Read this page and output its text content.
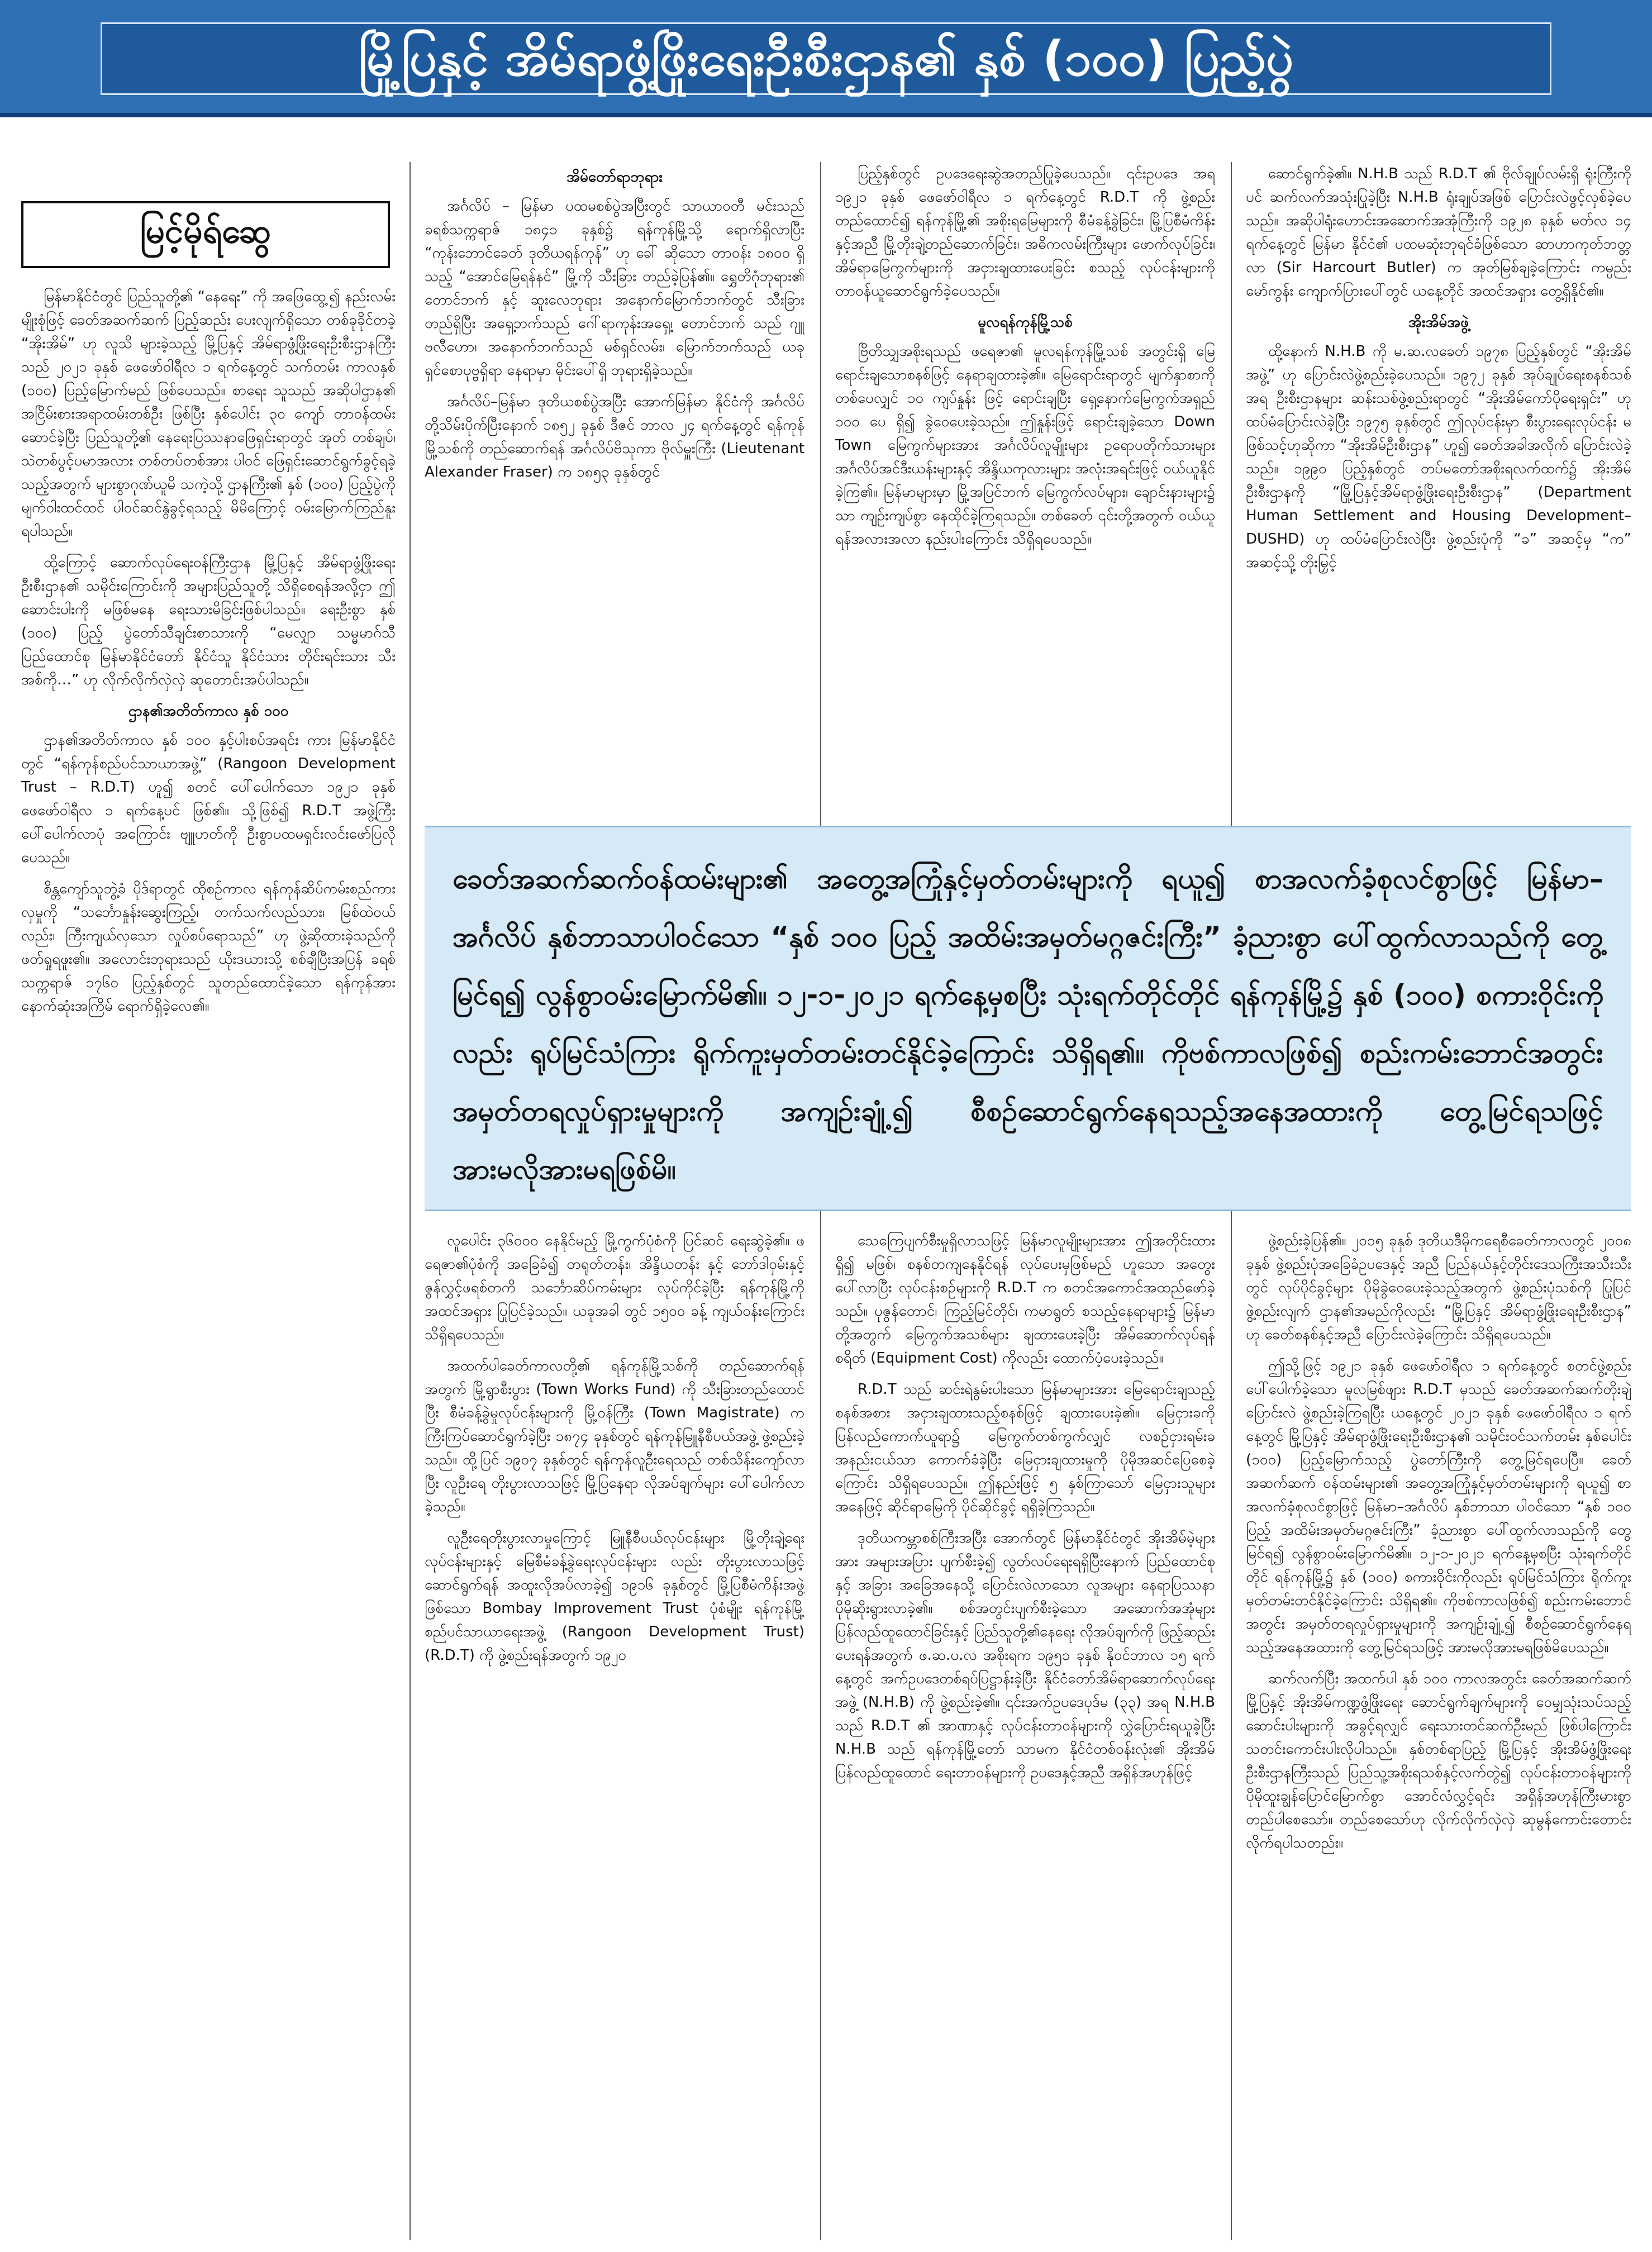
မြို့ပြနှင့် အိမ်ရာဖွံ့ဖြိုးရေးဦးစီးဌာန၏ နှစ် (၁၀၀) ပြည့်ပွဲ
မြင့်မိုရ်ဆွေ

မြန်မာနိုင်ငံတွင် ပြည်သူတို့၏ “နေရေး” ကို အဖြေထွေ့၍ နည်းလမ်းမျိုးစုံဖြင့် ခေတ်အဆက်ဆက် ပြည့်ဆည်း ပေးလျက်ရှိသော တစ်ခုခိုင်တခဲ့ “အိုးအိမ်” ဟု လူသိ များခဲ့သည့် မြို့ပြနှင့် အိမ်ရာဖွံ့ဖြိုးရေးဦးစီးဌာနကြီးသည် ၂၀၂၁ ခုနှစ် ဖေဖော်ဝါရီလ ၁ ရက်နေ့တွင် သက်တမ်း ကာလနှစ် (၁၀၀) ပြည့်မြောက်မည် ဖြစ်ပေသည်။ စာရေး သူသည် အဆိုပါဌာန၏ အငြိမ်းစားအရာထမ်းတစ်ဦး ဖြစ်ပြီး နှစ်ပေါင်း ၃၀ ကျော် တာဝန်ထမ်းဆောင်ခဲ့ပြီး ပြည်သူတို့၏ နေရေးပြဿနာဖြေရှင်းရာတွင် အုတ် တစ်ချပ်၊ သဲတစ်ပွင့်ပမာအလား တစ်တပ်တစ်အား ပါဝင် ဖြေရှင်းဆောင်ရွက်ခွင့်ရခဲ့သည့်အတွက် များစွာဂုဏ်ယူမိ သကဲ့သို့ ဌာနကြီး၏ နှစ် (၁၀၀) ပြည့်ပွဲကို မျက်ဝါးထင်ထင် ပါဝင်ဆင်နွဲခွင့်ရသည့် မိမိကြောင့် ဝမ်းမြောက်ကြည်နူး ရပါသည်။

ထို့ကြောင့် ဆောက်လုပ်ရေးဝန်ကြီးဌာန မြို့ပြနှင့် အိမ်ရာဖွံ့ဖြိုးရေးဦးစီးဌာန၏ သမိုင်းကြောင်းကို အများပြည်သူတို့ သိရှိစေရန်အလို့ငှာ ဤဆောင်းပါးကို မဖြစ်မနေ ရေးသားမိခြင်းဖြစ်ပါသည်။ ရေးဦးစွာ နှစ် (၁၀၀) ပြည့် ပွဲတော်သီချင်းစာသားကို “မေလျှာ သမ္မမာဂ်သီ ပြည်ထောင်စု မြန်မာနိုင်ငံတော် နိုင်ငံသူ နိုင်ငံသား တိုင်းရင်းသား သီးအစ်ကို…” ဟု လိုက်လိုက်လှဲလှဲ ဆုတောင်းအပ်ပါသည်။

ဌာန၏အတိတ်ကာလ နှစ် ၁၀၀

ဌာန၏အတိတ်ကာလ နှစ် ၁၀၀ နှင့်ပါးစပ်အရင်း ကား မြန်မာနိုင်ငံတွင် “ရန်ကုန်စည်ပင်သာယာအဖွဲ့” (Rangoon Development Trust – R.D.T) ဟူ၍ စတင် ပေါ်ပေါက်သော ၁၉၂၁ ခုနှစ် ဖေဖော်ဝါရီလ ၁ ရက်နေ့ပင် ဖြစ်၏။ သို့ဖြစ်၍ R.D.T အဖွဲ့ကြီးပေါ်ပေါက်လာပုံ အကြောင်း ဗျူဟတ်ကို ဦးစွာပထမရှင်းလင်းဖော်ပြလို ပေသည်။

စိန္တကျော်သူဘွဲ့ခံ ပိုဒ်ရာတွင် ထိုစဉ်ကာလ ရန်ကုန်ဆိပ်ကမ်းစည်ကားလှမှုကို “သင်္ဘောနှုန်းဆွေးကြည့်၊ တက်သက်လည်သား၊ မြစ်ထဲဝယ်လည်း၊ ကြီးကျယ်လှသော လှုပ်စပ်ရောသည်” ဟု ဖွဲ့ဆိုထားခဲ့သည်ကို ဖတ်ရှုရဖူး၏။ အလောင်းဘုရားသည် ယိုးဒယားသို့ စစ်ချီပြီးအပြန် ခရစ် သက္ကရာဇ် ၁၇၆၀ ပြည့်နှစ်တွင် သူတည်ထောင်ခဲ့သော ရန်ကုန်အား နောက်ဆုံးအကြိမ် ရောက်ရှိခဲ့လေ၏။

အိမ်တော်ရာဘုရား

အင်္ဂလိပ် – မြန်မာ ပထမစစ်ပွဲအပြီးတွင် သာယာဝတီ မင်းသည် ခရစ်သက္ကရာဇ် ၁၈၄၁ ခုနှစ်၌ ရန်ကုန်မြို့သို့ ရောက်ရှိလာပြီး “ကုန်းဘောင်ခေတ် ဒုတိယရန်ကုန်” ဟု ခေါ် ဆိုသော တာဝန်း ၁၈၀၀ ရှိသည့် “အောင်မြေရန်နင်” မြို့ကို သီးခြား တည်ခဲ့ပြန်၏။ ရွှေတိဂုံဘုရား၏ တောင်ဘက် နှင့် ဆူးလေဘုရား အနောက်မြောက်ဘက်တွင် သီးခြား တည်ရှိပြီး အရှေ့ဘက်သည် ဂေါ်ရာကုန်းအရှေ့၊ တောင်ဘက် သည် ဂျူဗလီဟော၊ အနောက်ဘက်သည် မစ်ရှင်လမ်း၊ မြောက်ဘက်သည် ယခုရှင်စောပုဗ္ဗရှိရာ နေရာမှာ မိုင်းပေါ်ရှိ ဘုရားရှိခဲ့သည်။

အင်္ဂလိပ်–မြန်မာ ဒုတိယစစ်ပွဲအပြီး အောက်မြန်မာ နိုင်ငံကို အင်္ဂလိပ်တို့သိမ်းပိုက်ပြီးနောက် ၁၈၅၂ ခုနှစ် ဒီဇင် ဘာလ ၂၄ ရက်နေ့တွင် ရန်ကုန်မြို့သစ်ကို တည်ဆောက်ရန် အင်္ဂလိပ်ဗိသုကာ ဗိုလ်မှူးကြီး (Lieutenant Alexander Fraser) က ၁၈၅၃ ခုနှစ်တွင်

ပြည့်နှစ်တွင် ဥပဒေရေးဆွဲအတည်ပြုခဲ့ပေသည်။ ၎င်းဥပဒေ အရ ၁၉၂၁ ခုနှစ် ဖေဖော်ဝါရီလ ၁ ရက်နေ့တွင် R.D.T ကို ဖွဲ့စည်းတည်ထောင်၍ ရန်ကုန်မြို့၏ အစိုးရမြေများကို စီမံခန့်ခွဲခြင်း၊ မြို့ပြစီမံကိန်းနှင့်အညီ မြို့တိုးချဲ့တည်ဆောက်ခြင်း၊ အဓိကလမ်းကြီးများ ဖောက်လုပ်ခြင်း၊ အိမ်ရာမြေကွက်များကို အငှားချထားပေးခြင်း စသည့် လုပ်ငန်းများကို တာဝန်ယူဆောင်ရွက်ခဲ့ပေသည်။

မူလရန်ကုန်မြို့သစ်

ဗြိတိသျှအစိုးရသည် ဖရေဇာ၏ မူလရန်ကုန်မြို့သစ် အတွင်းရှိ မြေရောင်းချသောစနစ်ဖြင့် နေရာချထားခဲ့၏။ မြေရောင်းရာတွင် မျက်နှာစာကို တစ်ပေလျှင် ၁၀ ကျပ်နှုန်း ဖြင့် ရောင်းချပြီး ရှေ့နောက်မြေကွက်အရှည် ၁၀၀ ပေ ရှိ၍ ခွဲဝေပေးခဲ့သည်။ ဤနှုန်းဖြင့် ရောင်းချခဲ့သော Down Town မြေကွက်များအား အင်္ဂလိပ်လူမျိုးများ ဥရောပတိုက်သားများ အင်္ဂလိပ်အင်ဒီးယန်းများနှင့် အိန္ဒိယကုလားများ အလုံးအရင်းဖြင့် ဝယ်ယူနိုင်ခဲ့ကြ၏။ မြန်မာများမှာ မြို့အပြင်ဘက် မြေကွက်လပ်များ၊ ချောင်းနားများ၌ သာ ကျဉ်းကျပ်စွာ နေထိုင်ခဲ့ကြရသည်။ တစ်ခေတ် ၎င်းတို့အတွက် ဝယ်ယူရန်အလားအလာ နည်းပါးကြောင်း သိရှိရပေသည်။

ဆောင်ရွက်ခဲ့၏။ N.H.B သည် R.D.T ၏ ဗိုလ်ချုပ်လမ်းရှိ ရုံးကြီးကိုပင် ဆက်လက်အသုံးပြုခဲ့ပြီး N.H.B ရုံးချုပ်အဖြစ် ပြောင်းလဲဖွင့်လှစ်ခဲ့ပေသည်။ အဆိုပါရုံးဟောင်းအဆောက်အအုံကြီးကို ၁၉၂၈ ခုနှစ် မတ်လ ၁၄ ရက်နေ့တွင် မြန်မာ နိုင်ငံ၏ ပထမဆုံးဘုရင်ခံဖြစ်သော ဆာဟာကုတ်ဘတ္တလာ (Sir Harcourt Butler) က အုတ်မြစ်ချခဲ့ကြောင်း ကမ္ပည်းမော်ကွန်း ကျောက်ပြားပေါ်တွင် ယနေ့တိုင် အထင်အရှား တွေ့ရှိနိုင်၏။

အိုးအိမ်အဖွဲ့

ထို့နောက် N.H.B ကို မ.ဆ.လခေတ် ၁၉၇၈ ပြည့်နှစ်တွင် “အိုးအိမ်အဖွဲ့” ဟု ပြောင်းလဲဖွဲ့စည်းခဲ့ပေသည်။ ၁၉၇၂ ခုနှစ် အုပ်ချုပ်ရေးစနစ်သစ်အရ ဦးစီးဌာနများ ဆန်းသစ်ဖွဲ့စည်းရာတွင် “အိုးအိမ်ကော်ပိုရေးရှင်း” ဟု ထပ်မံပြောင်းလဲခဲ့ပြီး ၁၉၇၅ ခုနှစ်တွင် ဤလုပ်ငန်းမှာ စီးပွားရေးလုပ်ငန်း မဖြစ်သင့်ဟုဆိုကာ “အိုးအိမ်ဦးစီးဌာန” ဟူ၍ ခေတ်အခါအလိုက် ပြောင်းလဲခဲ့သည်။ ၁၉၉၀ ပြည့်နှစ်တွင် တပ်မတော်အစိုးရလက်ထက်၌ အိုးအိမ်ဦးစီးဌာနကို “မြို့ပြနှင့်အိမ်ရာဖွံ့ဖြိုးရေးဦးစီးဌာန” (Department Human Settlement and Housing Development–DUSHD) ဟု ထပ်မံပြောင်းလဲပြီး ဖွဲ့စည်းပုံကို “ခ” အဆင့်မှ “က” အဆင့်သို့ တိုးမြှင့်

ခေတ်အဆက်ဆက်ဝန်ထမ်းများ၏ အတွေ့အကြုံနှင့်မှတ်တမ်းများကို ရယူ၍ စာအလက်ခံ့စုလင်စွာဖြင့် မြန်မာ–အင်္ဂလိပ် နှစ်ဘာသာပါဝင်သော “နှစ် ၁၀၀ ပြည့် အထိမ်းအမှတ်မဂ္ဂဇင်းကြီး” ခံ့ညားစွာ ပေါ်ထွက်လာသည်ကို တွေ့မြင်ရ၍ လွန်စွာဝမ်းမြောက်မိ၏။ ၁၂-၁-၂၀၂၁ ရက်နေ့မှစပြီး သုံးရက်တိုင်တိုင် ရန်ကုန်မြို့၌ နှစ် (၁၀၀) စကားဝိုင်းကိုလည်း ရုပ်မြင်သံကြား ရိုက်ကူးမှတ်တမ်းတင်နိုင်ခဲ့ကြောင်း သိရှိရ၏။ ကိုဗစ်ကာလဖြစ်၍ စည်းကမ်းဘောင်အတွင်း အမှတ်တရလှုပ်ရှားမှုများကို အကျဉ်းချုံ့၍ စီစဉ်ဆောင်ရွက်နေရသည့်အနေအထားကို တွေ့မြင်ရသဖြင့် အားမလိုအားမရဖြစ်မိ။

လူပေါင်း ၃၆၀၀၀ နေနိုင်မည့် မြို့ကွက်ပုံစံကို ပြင်ဆင် ရေးဆွဲခဲ့၏။ ဖရေဇာ၏ပုံစံကို အခြေခံ၍ တရုတ်တန်း၊ အိန္ဒိယတန်း နှင့် ဘော်ဒါဝှမ်းနှင့် ဇွန်လွှင့်ဖရစ်တကိ သင်္ဘောဆိပ်ကမ်းများ လုပ်ကိုင်ခဲ့ပြီး ရန်ကုန်မြို့ကို အထင်အရှား ပြုပြင်ခဲ့သည်။ ယခုအခါ တွင် ၁၅၀၀ ခန့် ကျယ်ဝန်းကြောင်း သိရှိရပေသည်။

အထက်ပါခေတ်ကာလတို့၏ ရန်ကုန်မြို့သစ်ကို တည်ဆောက်ရန်အတွက် မြို့ရွာစီးပွား (Town Works Fund) ကို သီးခြားတည်ထောင်ပြီး စီမံခန့်ခွဲမှုလုပ်ငန်းများကို မြို့ဝန်ကြီး (Town Magistrate) က ကြီးကြပ်ဆောင်ရွက်ခဲ့ပြီး ၁၈၇၄ ခုနှစ်တွင် ရန်ကုန်မြူနီစီပယ်အဖွဲ့ ဖွဲ့စည်းခဲ့သည်။ ထို့ပြင် ၁၉၀၇ ခုနှစ်တွင် ရန်ကုန်လူဦးရေသည် တစ်သိန်းကျော်လာပြီး လူဦးရေ တိုးပွားလာသဖြင့် မြို့ပြနေရာ လိုအပ်ချက်များ ပေါ်ပေါက်လာခဲ့သည်။

လူဦးရေတိုးပွားလာမှုကြောင့် မြူနီစီပယ်လုပ်ငန်းများ မြို့တိုးချဲ့ရေးလုပ်ငန်းများနှင့် မြေစီမံခန့်ခွဲရေးလုပ်ငန်းများ လည်း တိုးပွားလာသဖြင့် ဆောင်ရွက်ရန် အထူးလိုအပ်လာခဲ့၍ ၁၉၁၆ ခုနှစ်တွင် မြို့ပြစီမံကိန်းအဖွဲ့ဖြစ်သော Bombay Improvement Trust ပုံစံမျိုး ရန်ကုန်မြို့စည်ပင်သာယာရေးအဖွဲ့ (Rangoon Development Trust) (R.D.T) ကို ဖွဲ့စည်းရန်အတွက် ၁၉၂၀

သေကြေပျက်စီးမှုရှိလာသဖြင့် မြန်မာလူမျိုးများအား ဤအတိုင်းထားရှိ၍ မဖြစ်၊ စနစ်တကျနေနိုင်ရန် လုပ်ပေးမှဖြစ်မည် ဟူသော အတွေးပေါ်လာပြီး လုပ်ငန်းစဉ်များကို R.D.T က စတင်အကောင်အထည်ဖော်ခဲ့သည်။ ပုဇွန်တောင်၊ ကြည့်မြင်တိုင်၊ ကမာရွတ် စသည့်နေရာများ၌ မြန်မာတို့အတွက် မြေကွက်အသစ်များ ချထားပေးခဲ့ပြီး အိမ်ဆောက်လုပ်ရန် စရိတ် (Equipment Cost) ကိုလည်း ထောက်ပံ့ပေးခဲ့သည်။

R.D.T သည် ဆင်းရဲနွမ်းပါးသော မြန်မာများအား မြေရောင်းချသည့်စနစ်အစား အငှားချထားသည့်စနစ်ဖြင့် ချထားပေးခဲ့၏။ မြေငှားခကို ပြန်လည်ကောက်ယူရာ၌ မြေကွက်တစ်ကွက်လျှင် လစဉ်ငှားရမ်းခ အနည်းငယ်သာ ကောက်ခံခဲ့ပြီး မြေငှားချထားမှုကို ပိုမိုအဆင်ပြေစေခဲ့ကြောင်း သိရှိရပေသည်။ ဤနည်းဖြင့် ၅ နှစ်ကြာသော် မြေငှားသူများအနေဖြင့် ဆိုင်ရာမြေကို ပိုင်ဆိုင်ခွင့် ရရှိခဲ့ကြသည်။

ဒုတိယကမ္ဘာစစ်ကြီးအပြီး အောက်တွင် မြန်မာနိုင်ငံတွင် အိုးအိမ်မဲ့များအား အများအပြား ပျက်စီးခဲ့၍ လွတ်လပ်ရေးရရှိပြီးနောက် ပြည်ထောင်စုနှင့် အခြား အခြေအနေသို့ ပြောင်းလဲလာသော လူအများ နေရာပြဿနာ ပိုမိုဆိုးရွားလာခဲ့၏။ စစ်အတွင်းပျက်စီးခဲ့သော အဆောက်အအုံများ ပြန်လည်ထူထောင်ခြင်းနှင့် ပြည်သူတို့၏နေရေး လိုအပ်ချက်ကို ဖြည့်ဆည်းပေးရန်အတွက် ဖ.ဆ.ပ.လ အစိုးရက ၁၉၅၁ ခုနှစ် နိုဝင်ဘာလ ၁၅ ရက်နေ့တွင် အက်ဥပဒေတစ်ရပ်ပြဋ္ဌာန်းခဲ့ပြီး နိုင်ငံတော်အိမ်ရာဆောက်လုပ်ရေးအဖွဲ့ (N.H.B) ကို ဖွဲ့စည်းခဲ့၏။ ၎င်းအက်ဥပဒေပုဒ်မ (၃၃) အရ N.H.B သည် R.D.T ၏ အာဏာနှင့် လုပ်ငန်းတာဝန်များကို လွှဲပြောင်းရယူခဲ့ပြီး N.H.B သည် ရန်ကုန်မြို့တော် သာမက နိုင်ငံတစ်ဝန်းလုံး၏ အိုးအိမ်ပြန်လည်ထူထောင် ရေးတာဝန်များကို ဥပဒေနှင့်အညီ အရှိန်အဟုန်ဖြင့်

ဖွဲ့စည်းခဲ့ပြန်၏။ ၂၀၁၅ ခုနှစ် ဒုတိယဒီမိုကရေစီခေတ်ကာလတွင် ၂၀၀၈ ခုနှစ် ဖွဲ့စည်းပုံအခြေခံဥပဒေနှင့် အညီ ပြည်နယ်နှင့်တိုင်းဒေသကြီးအသီးသီးတွင် လုပ်ပိုင်ခွင့်များ ပိုမိုခွဲဝေပေးခဲ့သည့်အတွက် ဖွဲ့စည်းပုံသစ်ကို ပြုပြင်ဖွဲ့စည်းလျက် ဌာန၏အမည်ကိုလည်း “မြို့ပြနှင့် အိမ်ရာဖွံ့ဖြိုးရေးဦးစီးဌာန” ဟု ခေတ်စနစ်နှင့်အညီ ပြောင်းလဲခဲ့ကြောင်း သိရှိရပေသည်။

ဤသို့ဖြင့် ၁၉၂၁ ခုနှစ် ဖေဖော်ဝါရီလ ၁ ရက်နေ့တွင် စတင်ဖွဲ့စည်းပေါ်ပေါက်ခဲ့သော မူလမြစ်ဖျား R.D.T မှသည် ခေတ်အဆက်ဆက်တိုးချဲ့ပြောင်းလဲ ဖွဲ့စည်းခဲ့ကြရပြီး ယနေ့တွင် ၂၀၂၁ ခုနှစ် ဖေဖော်ဝါရီလ ၁ ရက်နေ့တွင် မြို့ပြနှင့် အိမ်ရာဖွံ့ဖြိုးရေးဦးစီးဌာန၏ သမိုင်းဝင်သက်တမ်း နှစ်ပေါင်း (၁၀၀) ပြည့်မြောက်သည့် ပွဲတော်ကြီးကို တွေ့မြင်ရပေပြီ။ ခေတ်အဆက်ဆက် ဝန်ထမ်းများ၏ အတွေ့အကြုံနှင့်မှတ်တမ်းများကို ရယူ၍ စာအလက်ခံ့စုလင်စွာဖြင့် မြန်မာ–အင်္ဂလိပ် နှစ်ဘာသာ ပါဝင်သော “နှစ် ၁၀၀ ပြည့် အထိမ်းအမှတ်မဂ္ဂဇင်းကြီး” ခံ့ညားစွာ ပေါ်ထွက်လာသည်ကို တွေ့မြင်ရ၍ လွန်စွာဝမ်းမြောက်မိ၏။ ၁၂-၁-၂၀၂၁ ရက်နေ့မှစပြီး သုံးရက်တိုင်တိုင် ရန်ကုန်မြို့၌ နှစ် (၁၀၀) စကားဝိုင်းကိုလည်း ရုပ်မြင်သံကြား ရိုက်ကူးမှတ်တမ်းတင်နိုင်ခဲ့ကြောင်း သိရှိရ၏။ ကိုဗစ်ကာလဖြစ်၍ စည်းကမ်းဘောင်အတွင်း အမှတ်တရလှုပ်ရှားမှုများကို အကျဉ်းချုံ့၍ စီစဉ်ဆောင်ရွက်နေရသည့်အနေအထားကို တွေ့မြင်ရသဖြင့် အားမလိုအားမရဖြစ်မိပေသည်။

ဆက်လက်ပြီး အထက်ပါ နှစ် ၁၀၀ ကာလအတွင်း ခေတ်အဆက်ဆက် မြို့ပြနှင့် အိုးအိမ်ကဏ္ဍဖွံ့ဖြိုးရေး ဆောင်ရွက်ချက်များကို ဝေမျှသုံးသပ်သည့် ဆောင်းပါးများကို အခွင့်ရလျှင် ရေးသားတင်ဆက်ဦးမည် ဖြစ်ပါကြောင်း သတင်းကောင်းပါးလိုပါသည်။ နှစ်တစ်ရာပြည့် မြို့ပြနှင့် အိုးအိမ်ဖွံ့ဖြိုးရေးဦးစီးဌာနကြီးသည် ပြည်သူ့အစိုးရသစ်နှင့်လက်တွဲ၍ လုပ်ငန်းတာဝန်များကို ပိုမိုထူးချွန်ပြောင်မြောက်စွာ အောင်လံလွှင့်ရင်း အရှိန်အဟုန်ကြီးမားစွာ တည်ပါစေသော်။ တည်စေသော်ဟု လိုက်လိုက်လှဲလှဲ ဆုမွန်ကောင်းတောင်းလိုက်ရပါသတည်း။
